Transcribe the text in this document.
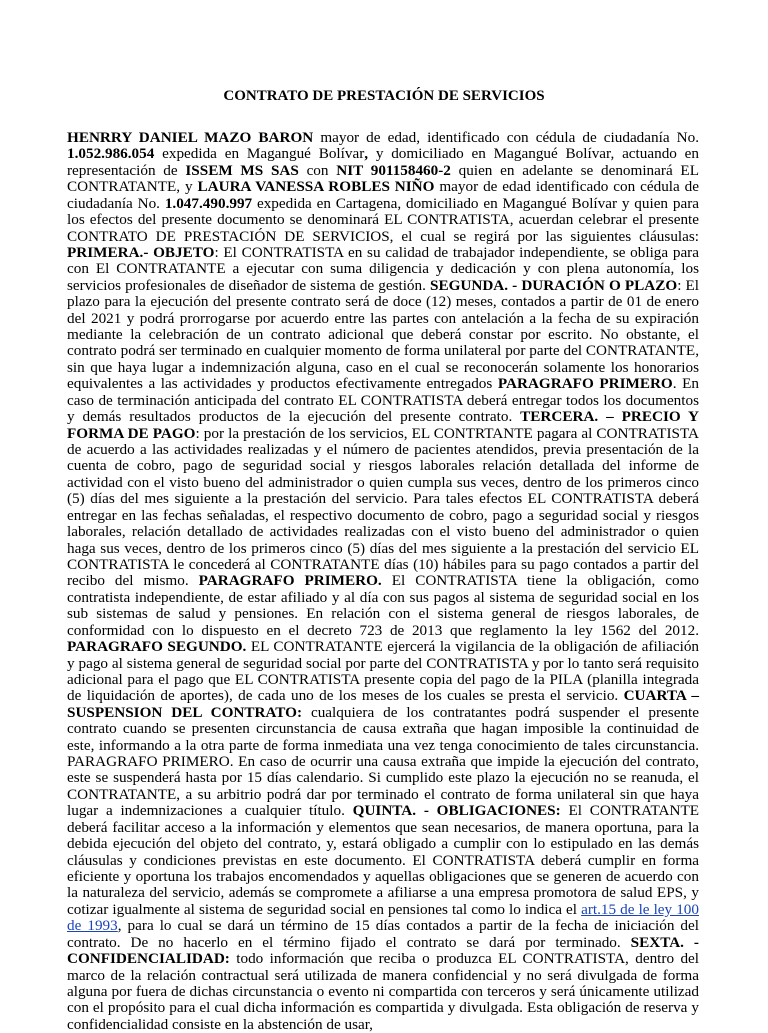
CONTRATO DE PRESTACIÓN DE SERVICIOS

HENRRY DANIEL MAZO BARON mayor de edad, identificado con cédula de ciudadanía No. 1.052.986.054 expedida en Magangué Bolívar, y domiciliado en Magangué Bolívar, actuando en representación de ISSEM MS SAS con NIT 901158460-2 quien en adelante se denominará EL CONTRATANTE, y LAURA VANESSA ROBLES NIÑO mayor de edad identificado con cédula de ciudadanía No. 1.047.490.997 expedida en Cartagena, domiciliado en Magangué Bolívar y quien para los efectos del presente documento se denominará EL CONTRATISTA, acuerdan celebrar el presente CONTRATO DE PRESTACIÓN DE SERVICIOS, el cual se regirá por las siguientes cláusulas: PRIMERA.- OBJETO: El CONTRATISTA en su calidad de trabajador independiente, se obliga para con El CONTRATANTE a ejecutar con suma diligencia y dedicación y con plena autonomía, los servicios profesionales de diseñador de sistema de gestión. SEGUNDA. - DURACIÓN O PLAZO: El plazo para la ejecución del presente contrato será de doce (12) meses, contados a partir de 01 de enero del 2021 y podrá prorrogarse por acuerdo entre las partes con antelación a la fecha de su expiración mediante la celebración de un contrato adicional que deberá constar por escrito. No obstante, el contrato podrá ser terminado en cualquier momento de forma unilateral por parte del CONTRATANTE, sin que haya lugar a indemnización alguna, caso en el cual se reconocerán solamente los honorarios equivalentes a las actividades y productos efectivamente entregados PARAGRAFO PRIMERO. En caso de terminación anticipada del contrato EL CONTRATISTA deberá entregar todos los documentos y demás resultados productos de la ejecución del presente contrato. TERCERA. – PRECIO Y FORMA DE PAGO: por la prestación de los servicios, EL CONTRTANTE pagara al CONTRATISTA de acuerdo a las actividades realizadas y el número de pacientes atendidos, previa presentación de la cuenta de cobro, pago de seguridad social y riesgos laborales relación detallada del informe de actividad con el visto bueno del administrador o quien cumpla sus veces, dentro de los primeros cinco (5) días del mes siguiente a la prestación del servicio. Para tales efectos EL CONTRATISTA deberá entregar en las fechas señaladas, el respectivo documento de cobro, pago a seguridad social y riesgos laborales, relación detallado de actividades realizadas con el visto bueno del administrador o quien haga sus veces, dentro de los primeros cinco (5) días del mes siguiente a la prestación del servicio EL CONTRATISTA le concederá al CONTRATANTE días (10) hábiles para su pago contados a partir del recibo del mismo. PARAGRAFO PRIMERO. El CONTRATISTA tiene la obligación, como contratista independiente, de estar afiliado y al día con sus pagos al sistema de seguridad social en los sub sistemas de salud y pensiones. En relación con el sistema general de riesgos laborales, de conformidad con lo dispuesto en el decreto 723 de 2013 que reglamento la ley 1562 del 2012. PARAGRAFO SEGUNDO. EL CONTRATANTE ejercerá la vigilancia de la obligación de afiliación y pago al sistema general de seguridad social por parte del CONTRATISTA y por lo tanto será requisito adicional para el pago que EL CONTRATISTA presente copia del pago de la PILA (planilla integrada de liquidación de aportes), de cada uno de los meses de los cuales se presta el servicio. CUARTA – SUSPENSION DEL CONTRATO: cualquiera de los contratantes podrá suspender el presente contrato cuando se presenten circunstancia de causa extraña que hagan imposible la continuidad de este, informando a la otra parte de forma inmediata una vez tenga conocimiento de tales circunstancia. PARAGRAFO PRIMERO. En caso de ocurrir una causa extraña que impide la ejecución del contrato, este se suspenderá hasta por 15 días calendario. Si cumplido este plazo la ejecución no se reanuda, el CONTRATANTE, a su arbitrio podrá dar por terminado el contrato de forma unilateral sin que haya lugar a indemnizaciones a cualquier título. QUINTA. - OBLIGACIONES: El CONTRATANTE deberá facilitar acceso a la información y elementos que sean necesarios, de manera oportuna, para la debida ejecución del objeto del contrato, y, estará obligado a cumplir con lo estipulado en las demás cláusulas y condiciones previstas en este documento. El CONTRATISTA deberá cumplir en forma eficiente y oportuna los trabajos encomendados y aquellas obligaciones que se generen de acuerdo con la naturaleza del servicio, además se compromete a afiliarse a una empresa promotora de salud EPS, y cotizar igualmente al sistema de seguridad social en pensiones tal como lo indica el art.15 de le ley 100 de 1993, para lo cual se dará un término de 15 días contados a partir de la fecha de iniciación del contrato. De no hacerlo en el término fijado el contrato se dará por terminado. SEXTA. - CONFIDENCIALIDAD: todo información que reciba o produzca EL CONTRATISTA, dentro del marco de la relación contractual será utilizada de manera confidencial y no será divulgada de forma alguna por fuera de dichas circunstancia o evento ni compartida con terceros y será únicamente utilizad con el propósito para el cual dicha información es compartida y divulgada. Esta obligación de reserva y confidencialidad consiste en la abstención de usar,
